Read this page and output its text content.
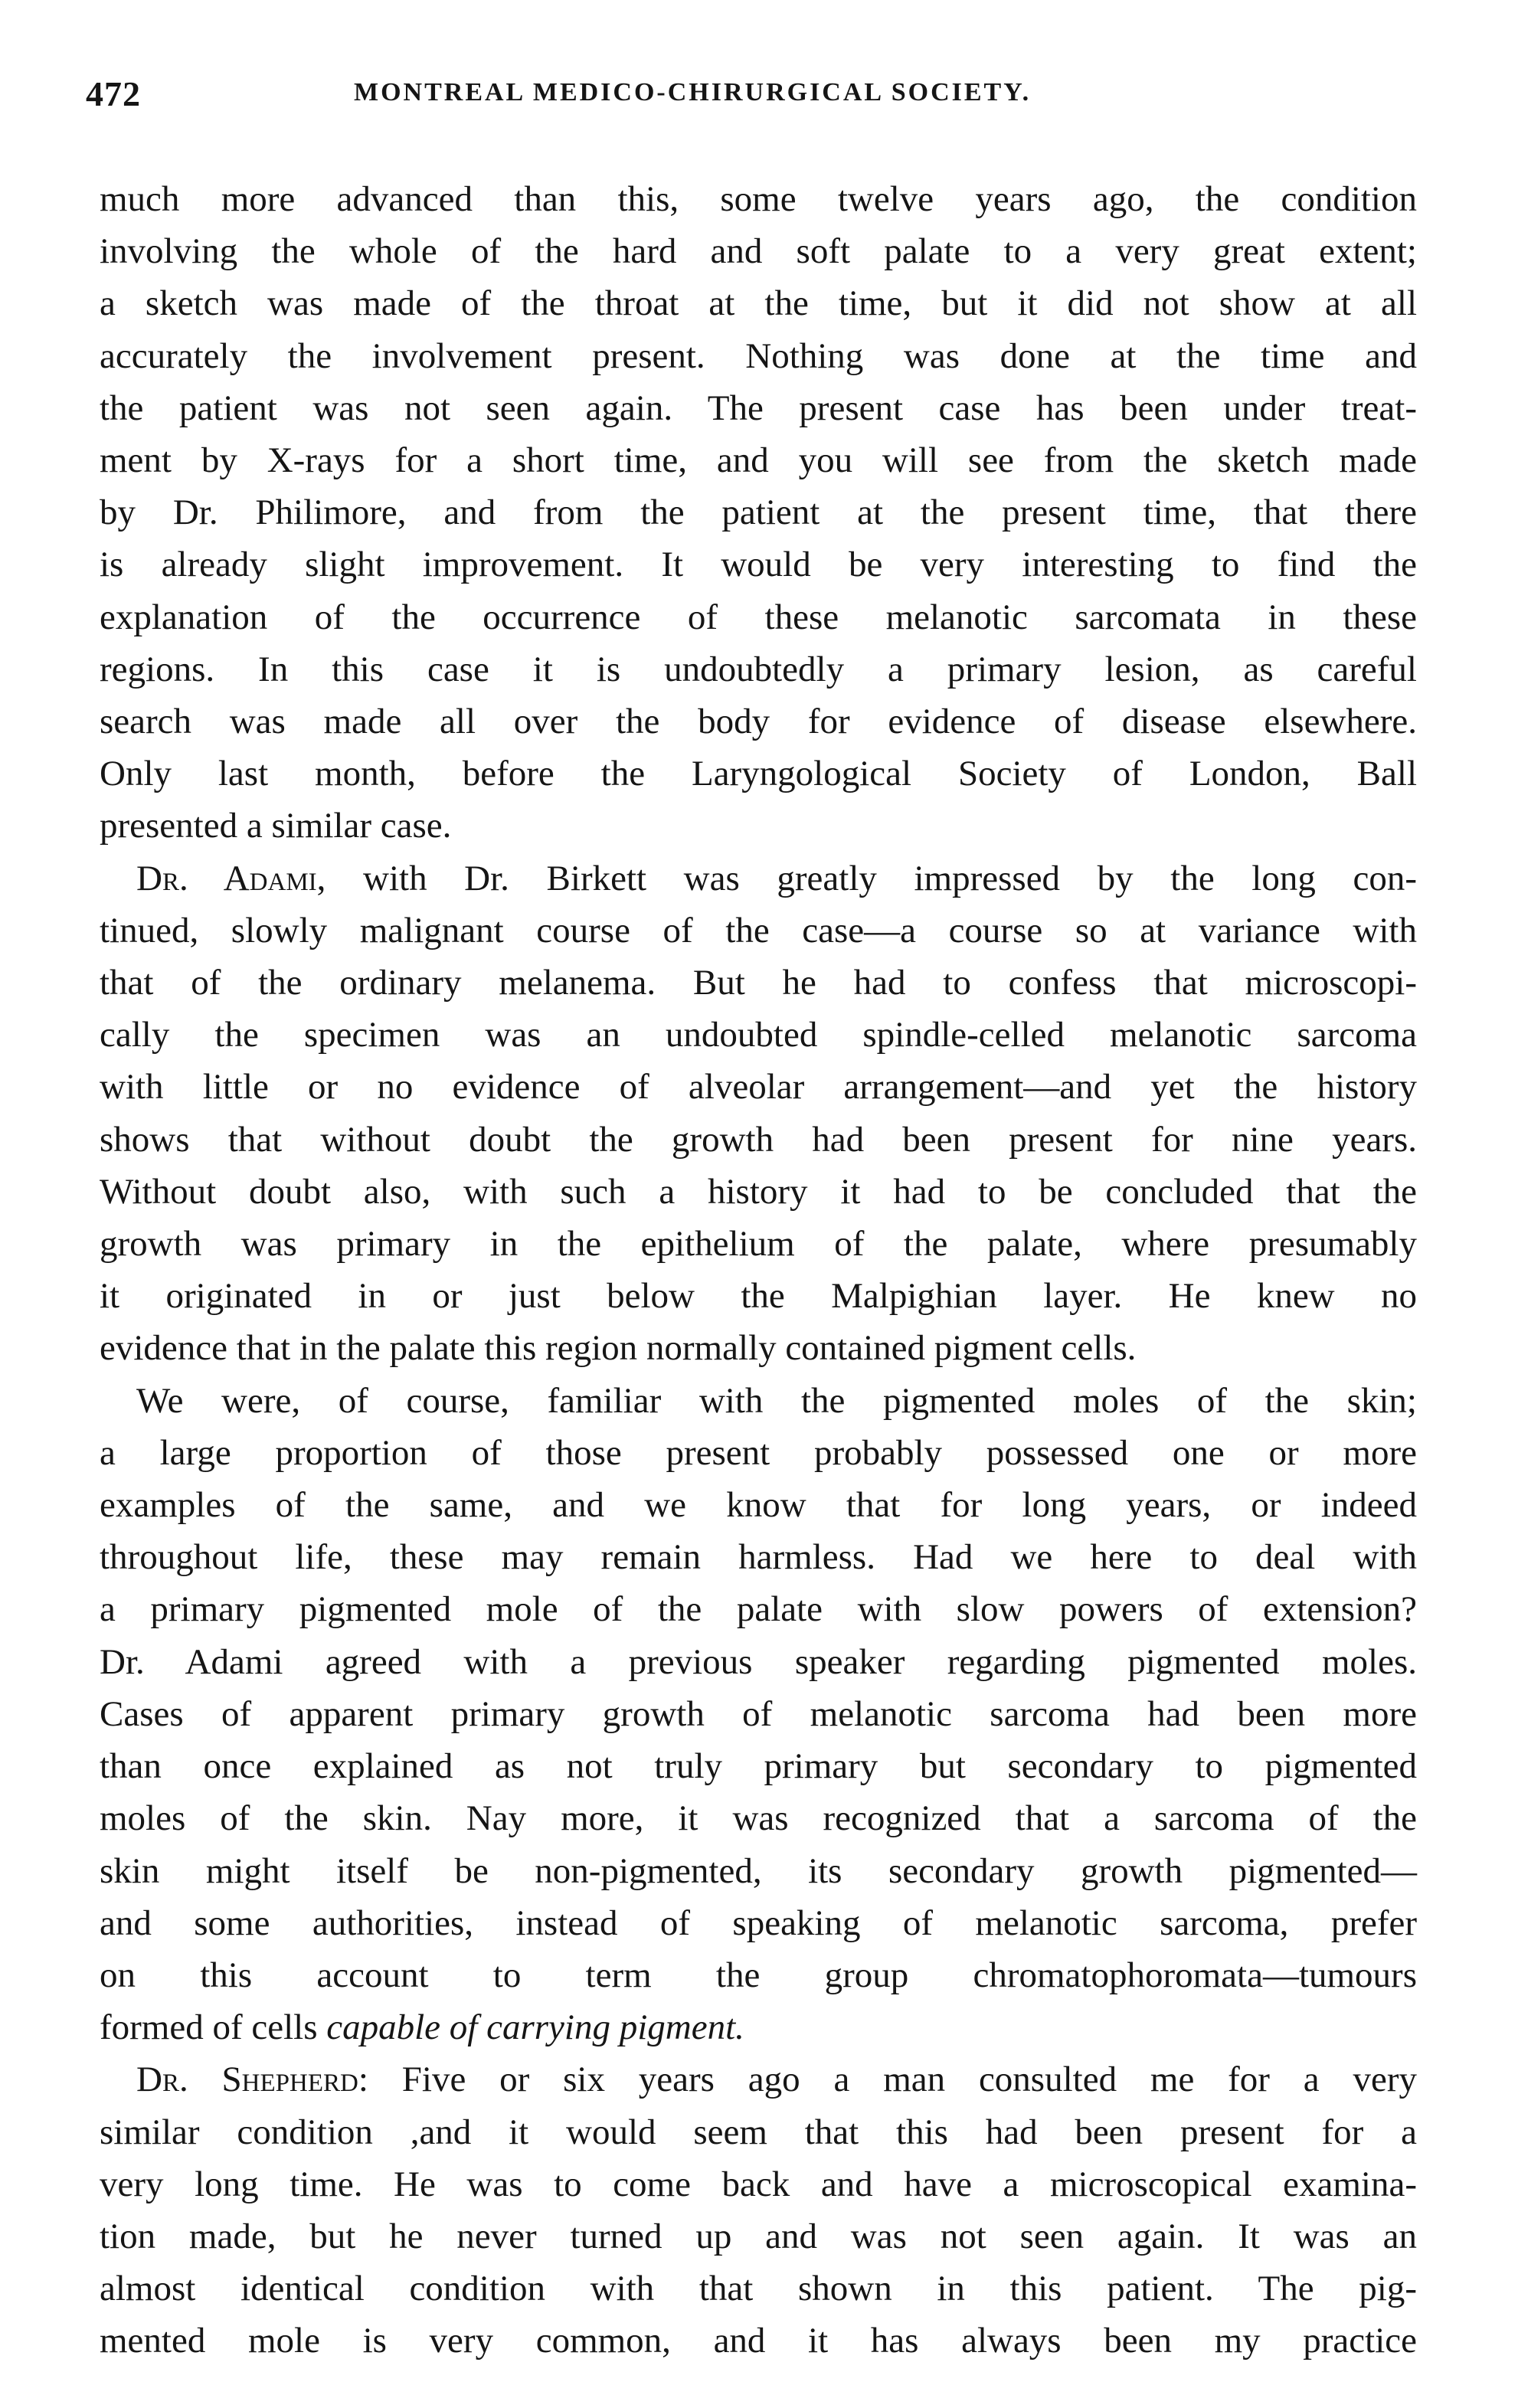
472	MONTREAL MEDICO-CHIRURGICAL SOCIETY.
much more advanced than this, some twelve years ago, the condition
involving the whole of the hard and soft palate to a very great extent;
a sketch was made of the throat at the time, but it did not show at all
accurately the involvement present. Nothing was done at the time and
the patient was not seen again. The present case has been under treat-
ment by X-rays for a short time, and you will see from the sketch made
by Dr. Philimore, and from the patient at the present time, that there
is already slight improvement. It would be very interesting to find the
explanation of the occurrence of these melanotic sarcomata in these
regions. In this case it is undoubtedly a primary lesion, as careful
search was made all over the body for evidence of disease elsewhere.
Only last month, before the Laryngological Society of London, Ball
presented a similar case.
Dr. Adami, with Dr. Birkett was greatly impressed by the long con-
tinued, slowly malignant course of the case—a course so at variance with
that of the ordinary melanema. But he had to confess that microscopi-
cally the specimen was an undoubted spindle-celled melanotic sarcoma
with little or no evidence of alveolar arrangement—and yet the history
shows that without doubt the growth had been present for nine years.
Without doubt also, with such a history it had to be concluded that the
growth was primary in the epithelium of the palate, where presumably
it originated in or just below the Malpighian layer. He knew no
evidence that in the palate this region normally contained pigment cells.
We were, of course, familiar with the pigmented moles of the skin;
a large proportion of those present probably possessed one or more
examples of the same, and we know that for long years, or indeed
throughout life, these may remain harmless. Had we here to deal with
a primary pigmented mole of the palate with slow powers of extension?
Dr. Adami agreed with a previous speaker regarding pigmented moles.
Cases of apparent primary growth of melanotic sarcoma had been more
than once explained as not truly primary but secondary to pigmented
moles of the skin. Nay more, it was recognized that a sarcoma of the
skin might itself be non-pigmented, its secondary growth pigmented—
and some authorities, instead of speaking of melanotic sarcoma, prefer
on this account to term the group chromatophoromata—tumours
formed of cells capable of carrying pigment.
Dr. Shepherd: Five or six years ago a man consulted me for a very
similar condition ,and it would seem that this had been present for a
very long time. He was to come back and have a microscopical examina-
tion made, but he never turned up and was not seen again. It was an
almost identical condition with that shown in this patient. The pig-
mented mole is very common, and it has always been my practice
